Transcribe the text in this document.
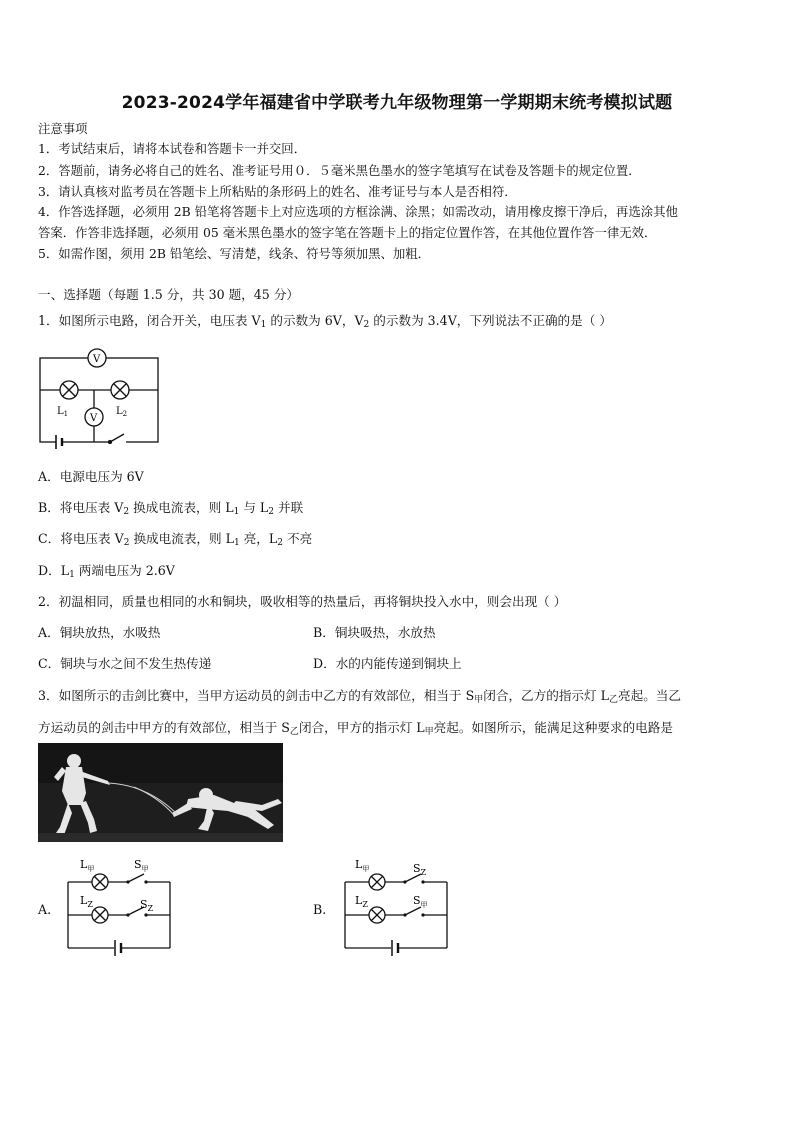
2023-2024学年福建省中学联考九年级物理第一学期期末统考模拟试题
注意事项
1．考试结束后，请将本试卷和答题卡一并交回．
2．答题前，请务必将自己的姓名、准考证号用０．５毫米黑色墨水的签字笔填写在试卷及答题卡的规定位置．
3．请认真核对监考员在答题卡上所粘贴的条形码上的姓名、准考证号与本人是否相符．
4．作答选择题，必须用 2B 铅笔将答题卡上对应选项的方框涂满、涂黑；如需改动，请用橡皮擦干净后，再选涂其他
答案．作答非选择题，必须用 05 毫米黑色墨水的签字笔在答题卡上的指定位置作答，在其他位置作答一律无效．
5．如需作图，须用 2B 铅笔绘、写清楚，线条、符号等须加黑、加粗．
一、选择题（每题 1.5 分，共 30 题，45 分）
1．如图所示电路，闭合开关，电压表 $V_1$ 的示数为 6V，$V_2$ 的示数为 3.4V，下列说法不正确的是（ ）
V
V
$L_1$	$L_2$
A．电源电压为 6V
B．将电压表 $V_2$ 换成电流表，则 $L_1$ 与 $L_2$ 并联
C．将电压表 $V_2$ 换成电流表，则 $L_1$ 亮，$L_2$ 不亮
D．$L_1$ 两端电压为 2.6V
2．初温相同，质量也相同的水和铜块，吸收相等的热量后，再将铜块投入水中，则会出现（ ）
A．铜块放热，水吸热	B．铜块吸热，水放热
C．铜块与水之间不发生热传递	D．水的内能传递到铜块上
3．如图所示的击剑比赛中，当甲方运动员的剑击中乙方的有效部位，相当于 $S_甲$闭合，乙方的指示灯 $L_乙$亮起。当乙
方运动员的剑击中甲方的有效部位，相当于 $S_乙$闭合，甲方的指示灯 $L_甲$亮起。如图所示，能满足这种要求的电路是
A.
$L_甲$	$S_甲$
$L_Z$	$S_Z$	B.
$L_甲$	$S_Z$
$L_Z$	$S_甲$
